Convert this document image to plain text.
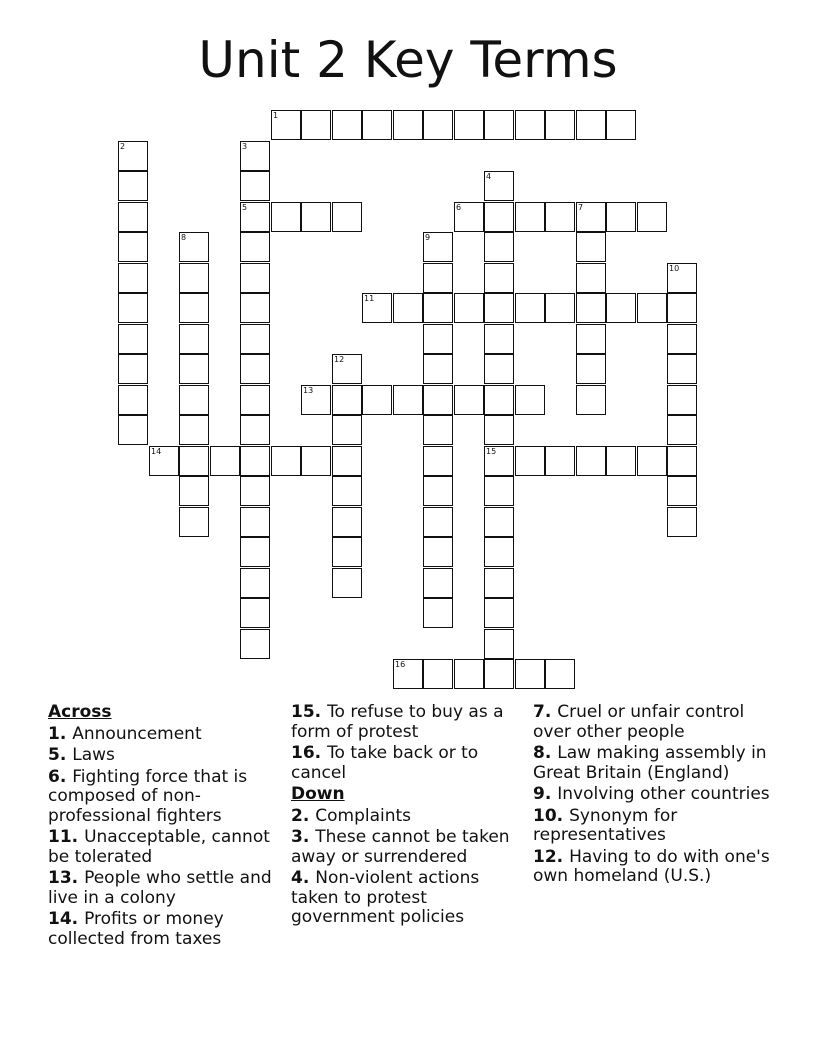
Unit 2 Key Terms
1
2	3
4
5	6	7
8	9
10
11
12
13
14	15
16
Across
1. Announcement
5. Laws
6. Fighting force that is composed of non-professional fighters
11. Unacceptable, cannot be tolerated
13. People who settle and live in a colony
14. Profits or money collected from taxes
15. To refuse to buy as a form of protest
16. To take back or to cancel
Down
2. Complaints
3. These cannot be taken away or surrendered
4. Non-violent actions taken to protest government policies
7. Cruel or unfair control over other people
8. Law making assembly in Great Britain (England)
9. Involving other countries
10. Synonym for representatives
12. Having to do with one's own homeland (U.S.)
